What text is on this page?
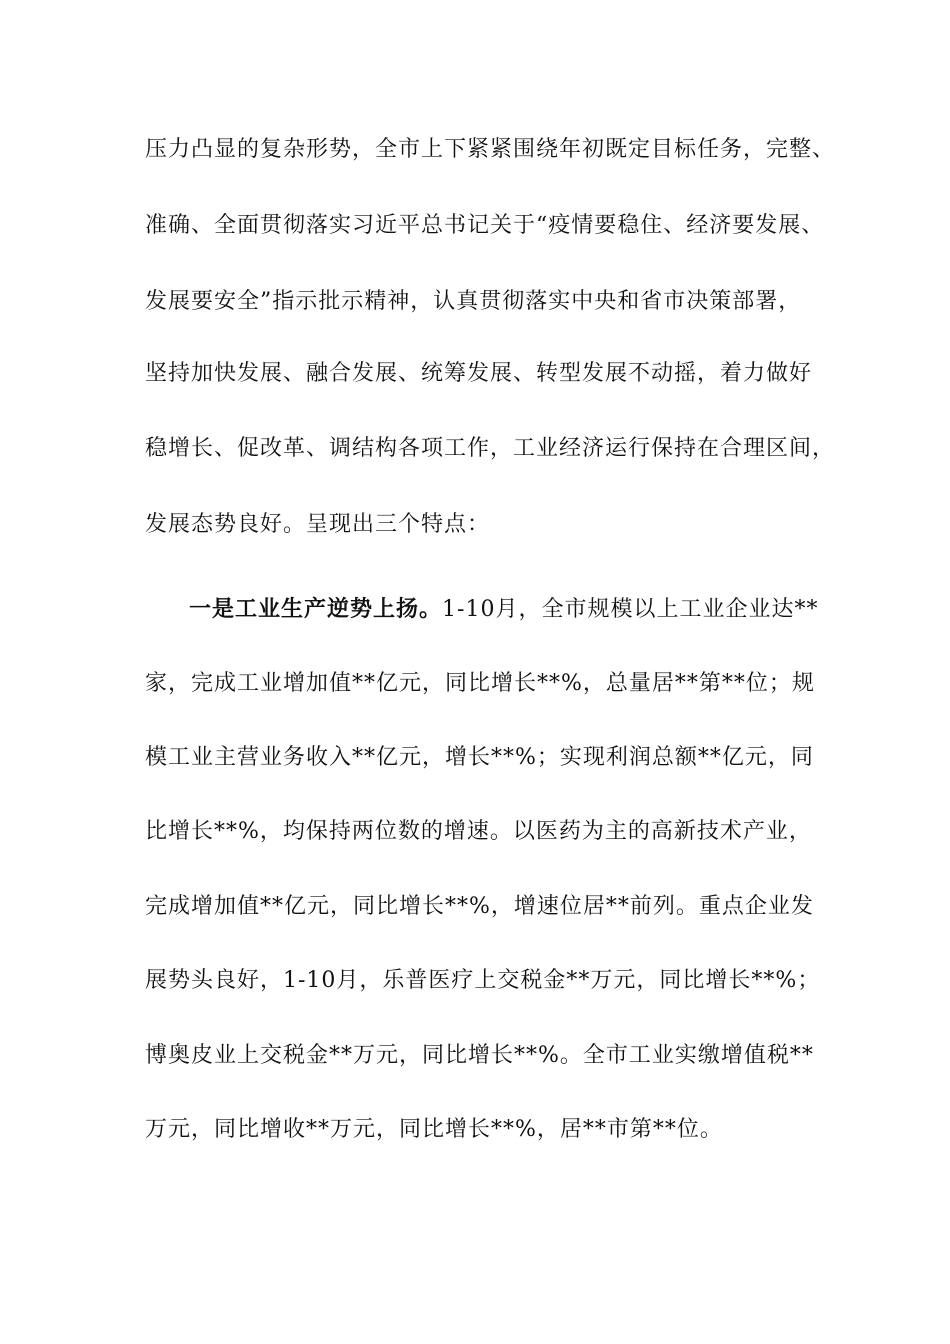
压力凸显的复杂形势，全市上下紧紧围绕年初既定目标任务，完整、
准确、全面贯彻落实习近平总书记关于“疫情要稳住、经济要发展、
发展要安全”指示批示精神，认真贯彻落实中央和省市决策部署，
坚持加快发展、融合发展、统筹发展、转型发展不动摇，着力做好
稳增长、促改革、调结构各项工作，工业经济运行保持在合理区间，
发展态势良好。呈现出三个特点：
一是工业生产逆势上扬。1-10月，全市规模以上工业企业达**
家，完成工业增加值**亿元，同比增长**%，总量居**第**位；规
模工业主营业务收入**亿元，增长**%；实现利润总额**亿元，同
比增长**%，均保持两位数的增速。以医药为主的高新技术产业，
完成增加值**亿元，同比增长**%，增速位居**前列。重点企业发
展势头良好，1-10月，乐普医疗上交税金**万元，同比增长**%；
博奥皮业上交税金**万元，同比增长**%。全市工业实缴增值税**
万元，同比增收**万元，同比增长**%，居**市第**位。
